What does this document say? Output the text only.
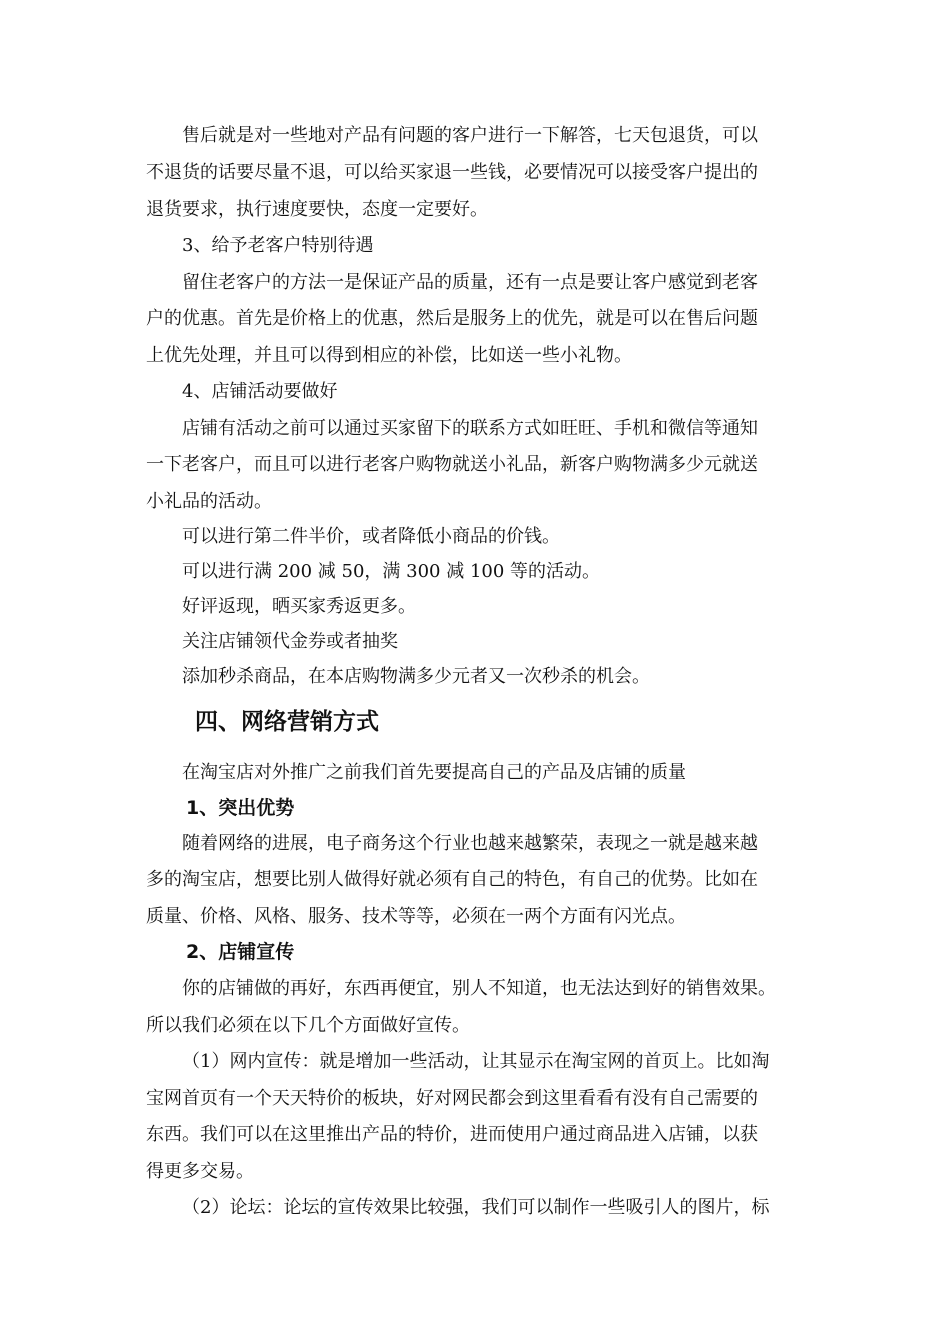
售后就是对一些地对产品有问题的客户进行一下解答，七天包退货，可以
不退货的话要尽量不退，可以给买家退一些钱，必要情况可以接受客户提出的
退货要求，执行速度要快，态度一定要好。
3、给予老客户特别待遇
留住老客户的方法一是保证产品的质量，还有一点是要让客户感觉到老客
户的优惠。首先是价格上的优惠，然后是服务上的优先，就是可以在售后问题
上优先处理，并且可以得到相应的补偿，比如送一些小礼物。
4、店铺活动要做好
店铺有活动之前可以通过买家留下的联系方式如旺旺、手机和微信等通知
一下老客户，而且可以进行老客户购物就送小礼品，新客户购物满多少元就送
小礼品的活动。
可以进行第二件半价，或者降低小商品的价钱。
可以进行满 200 减 50，满 300 减 100 等的活动。
好评返现，晒买家秀返更多。
关注店铺领代金券或者抽奖
添加秒杀商品，在本店购物满多少元者又一次秒杀的机会。
四、网络营销方式
在淘宝店对外推广之前我们首先要提高自己的产品及店铺的质量
1、突出优势
随着网络的进展，电子商务这个行业也越来越繁荣，表现之一就是越来越
多的淘宝店，想要比别人做得好就必须有自己的特色，有自己的优势。比如在
质量、价格、风格、服务、技术等等，必须在一两个方面有闪光点。
2、店铺宣传
你的店铺做的再好，东西再便宜，别人不知道，也无法达到好的销售效果。
所以我们必须在以下几个方面做好宣传。
（1）网内宣传：就是增加一些活动，让其显示在淘宝网的首页上。比如淘
宝网首页有一个天天特价的板块，好对网民都会到这里看看有没有自己需要的
东西。我们可以在这里推出产品的特价，进而使用户通过商品进入店铺，以获
得更多交易。
（2）论坛：论坛的宣传效果比较强，我们可以制作一些吸引人的图片，标
